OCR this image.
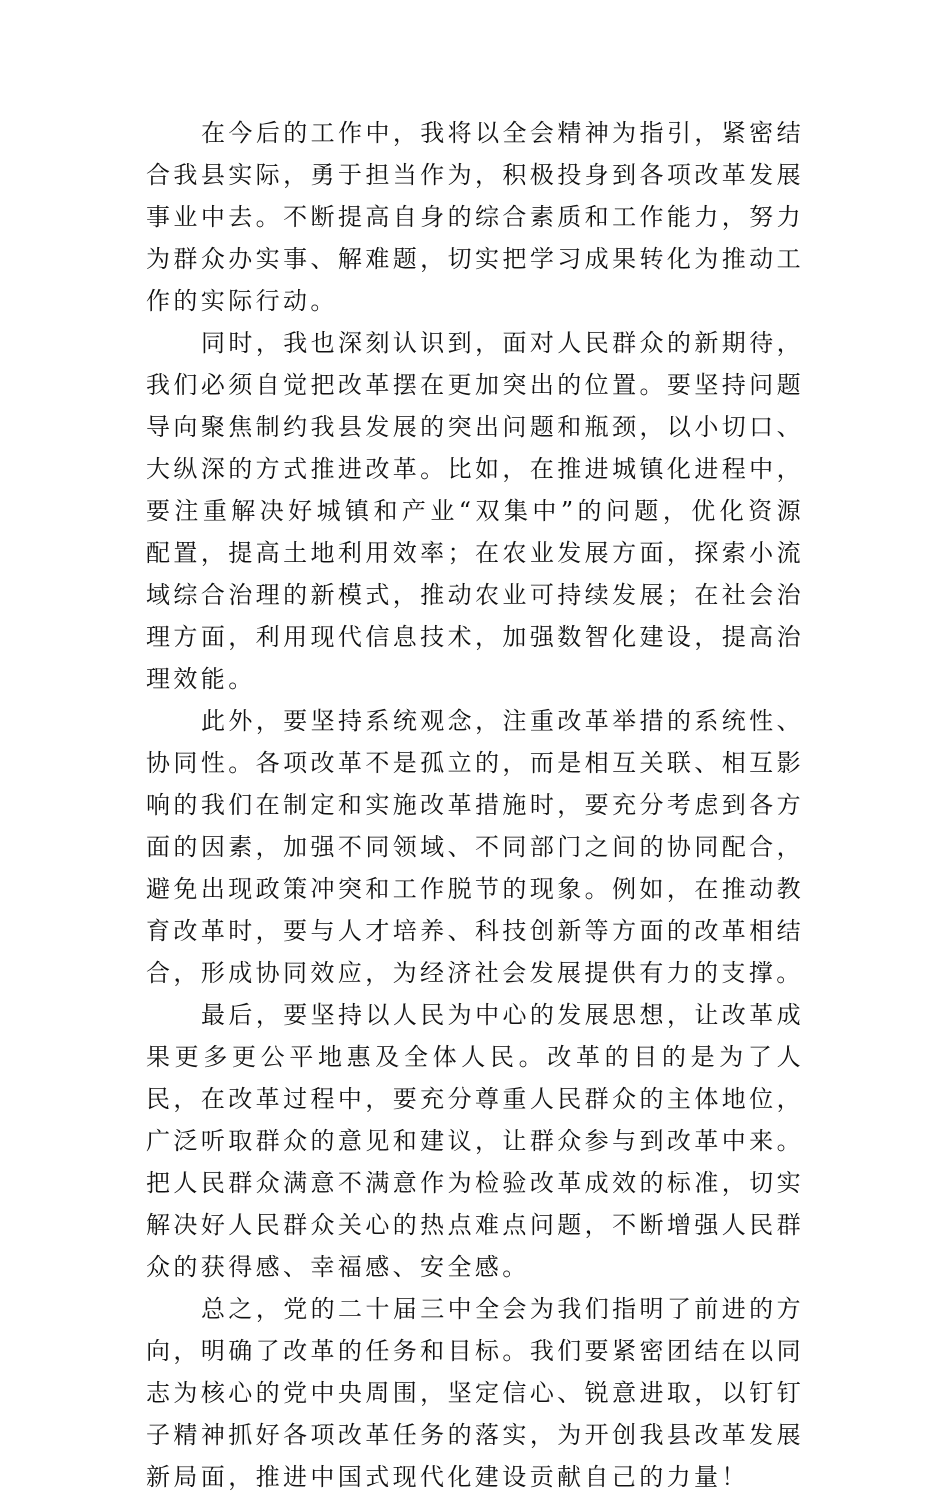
在今后的工作中，我将以全会精神为指引，紧密结合我县实际，勇于担当作为，积极投身到各项改革发展事业中去。不断提高自身的综合素质和工作能力，努力为群众办实事、解难题，切实把学习成果转化为推动工作的实际行动。

同时，我也深刻认识到，面对人民群众的新期待，我们必须自觉把改革摆在更加突出的位置。要坚持问题导向聚焦制约我县发展的突出问题和瓶颈，以小切口、大纵深的方式推进改革。比如，在推进城镇化进程中，要注重解决好城镇和产业“双集中”的问题，优化资源配置，提高土地利用效率；在农业发展方面，探索小流域综合治理的新模式，推动农业可持续发展；在社会治理方面，利用现代信息技术，加强数智化建设，提高治理效能。

此外，要坚持系统观念，注重改革举措的系统性、协同性。各项改革不是孤立的，而是相互关联、相互影响的我们在制定和实施改革措施时，要充分考虑到各方面的因素，加强不同领域、不同部门之间的协同配合，避免出现政策冲突和工作脱节的现象。例如，在推动教育改革时，要与人才培养、科技创新等方面的改革相结合，形成协同效应，为经济社会发展提供有力的支撑。

最后，要坚持以人民为中心的发展思想，让改革成果更多更公平地惠及全体人民。改革的目的是为了人民，在改革过程中，要充分尊重人民群众的主体地位，广泛听取群众的意见和建议，让群众参与到改革中来。把人民群众满意不满意作为检验改革成效的标准，切实解决好人民群众关心的热点难点问题，不断增强人民群众的获得感、幸福感、安全感。

总之，党的二十届三中全会为我们指明了前进的方向，明确了改革的任务和目标。我们要紧密团结在以同志为核心的党中央周围，坚定信心、锐意进取，以钉钉子精神抓好各项改革任务的落实，为开创我县改革发展新局面，推进中国式现代化建设贡献自己的力量！
